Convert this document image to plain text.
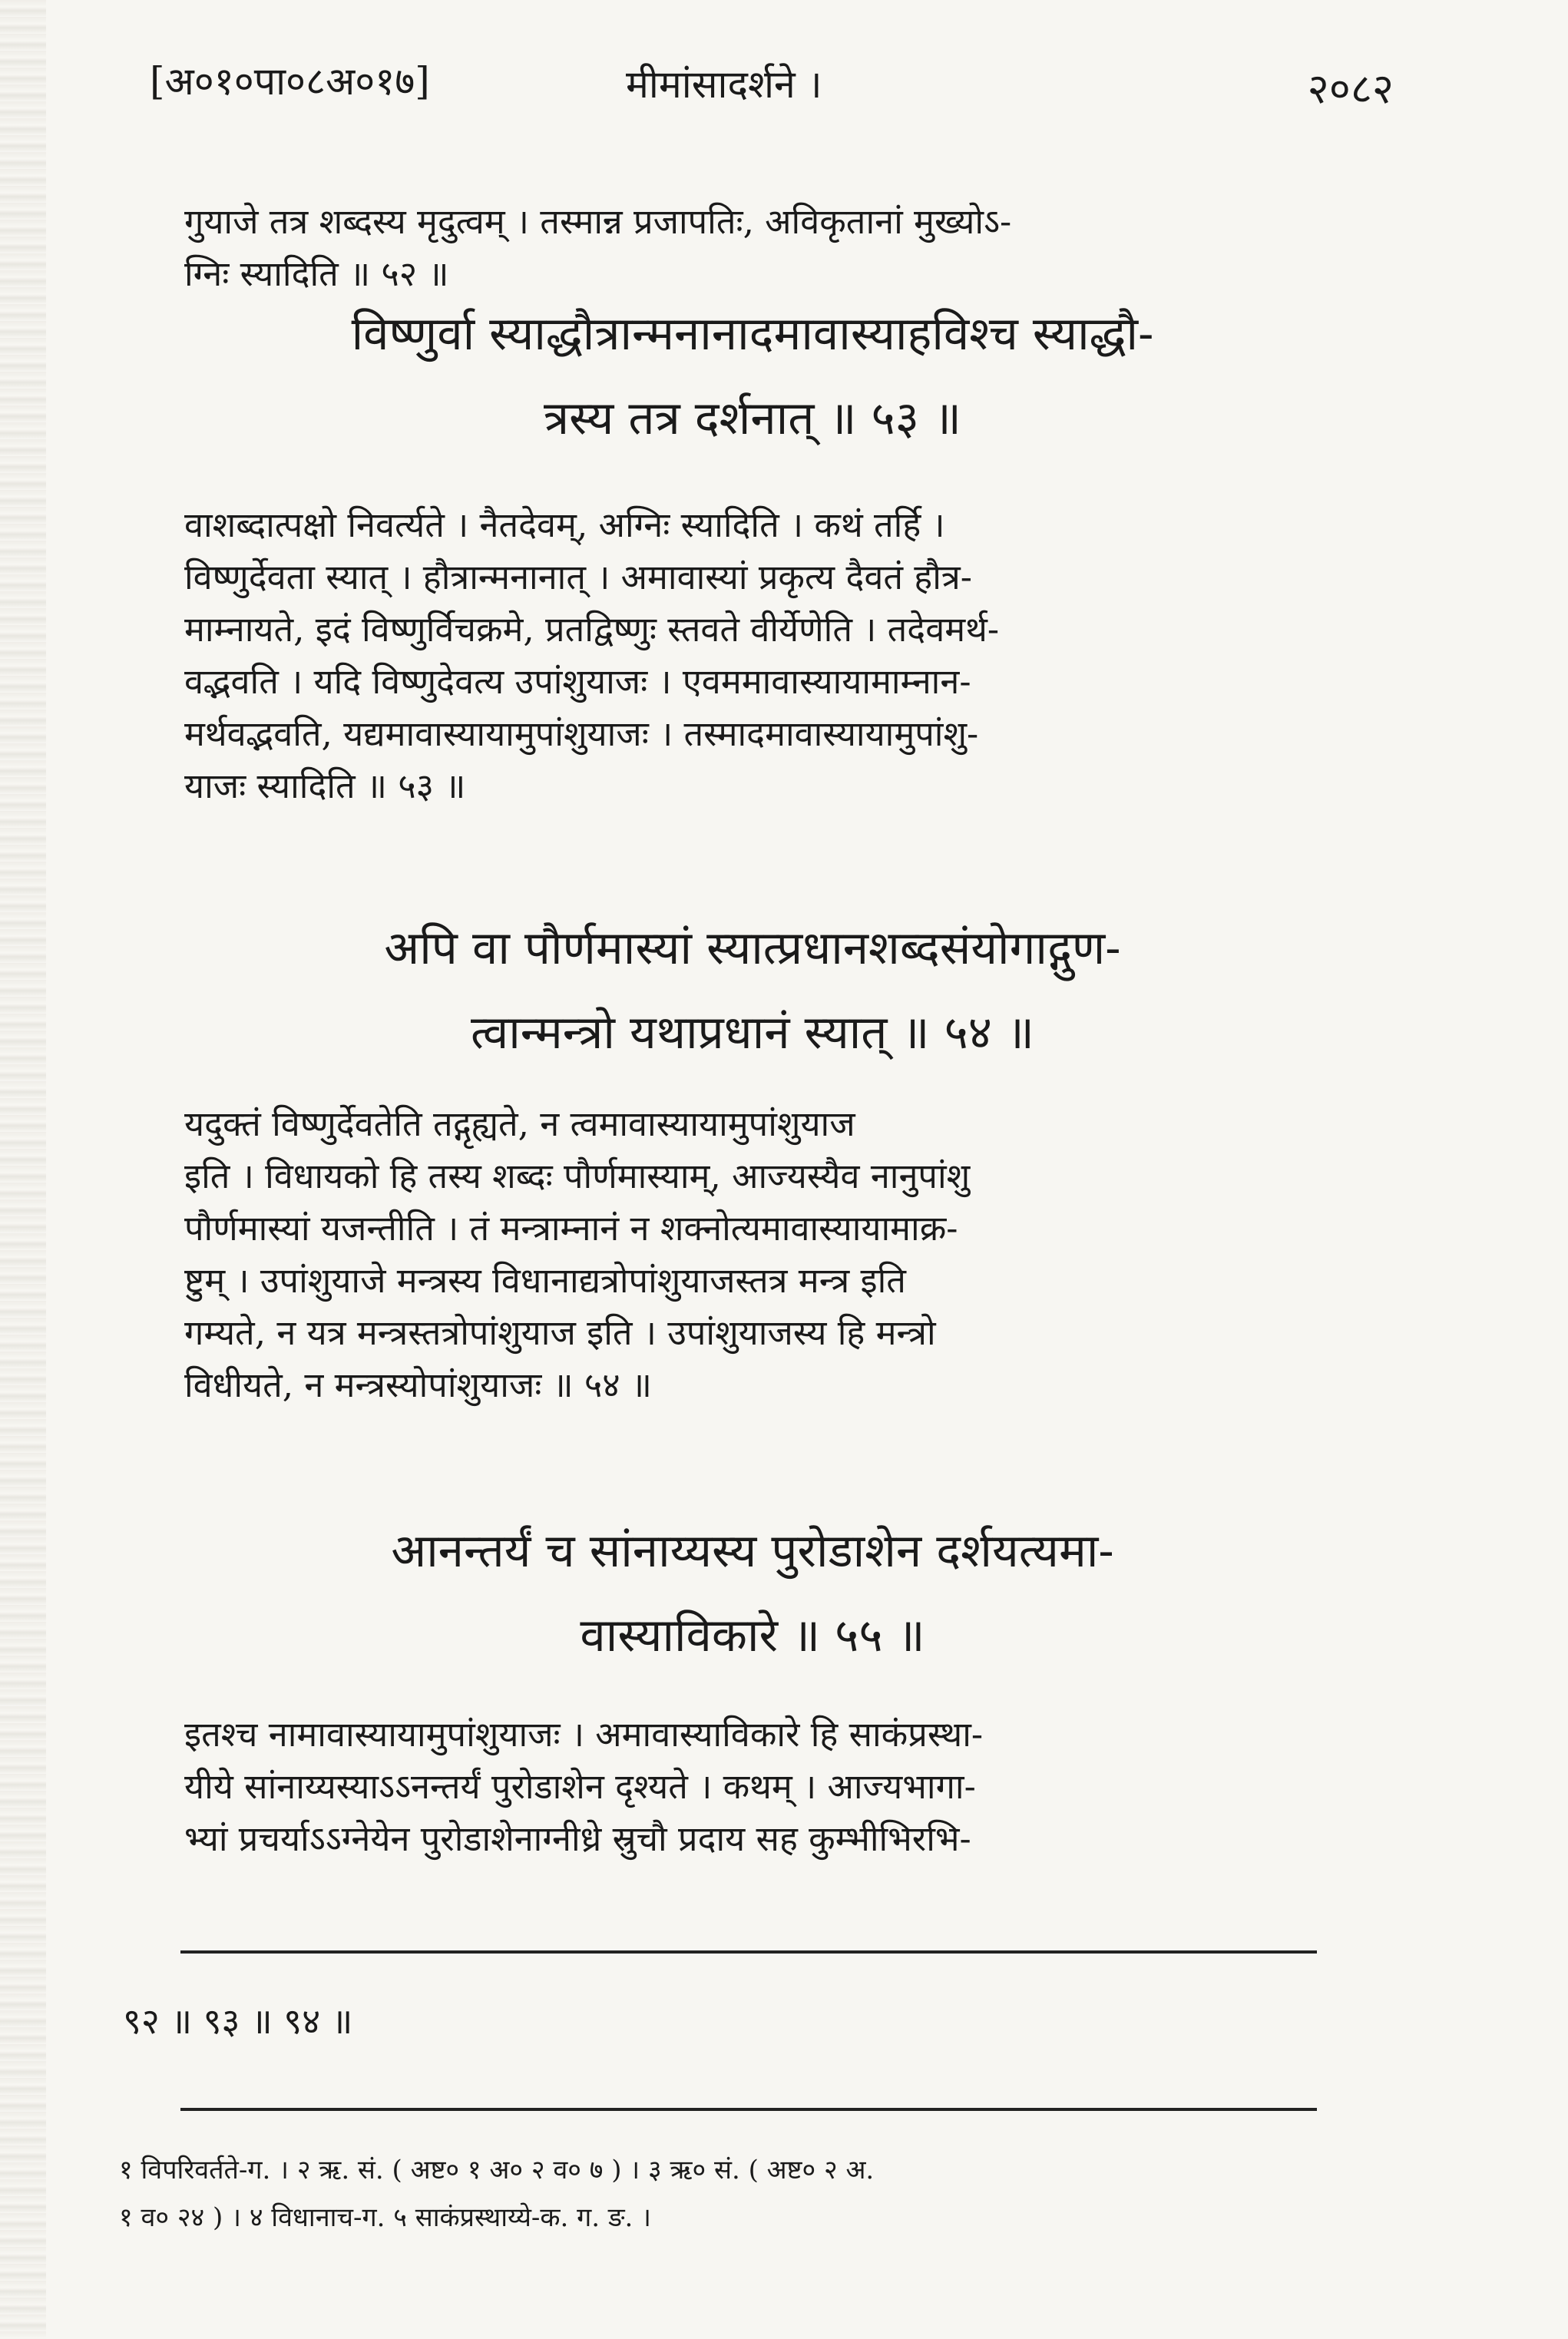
[अ०१०पा०८अ०१७]	मीमांसादर्शने ।	२०८२
गुयाजे तत्र शब्दस्य मृदुत्वम् । तस्मान्न प्रजापतिः, अविकृतानां मुख्योऽ-
ग्निः स्यादिति ॥ ५२ ॥
विष्णुर्वा स्याद्धौत्रान्मनानादमावास्याहविश्च स्याद्धौ-
त्रस्य तत्र दर्शनात् ॥ ५३ ॥
वाशब्दात्पक्षो निवर्त्यते । नैतदेवम्, अग्निः स्यादिति । कथं तर्हि ।
विष्णुर्देवता स्यात् । हौत्रान्मनानात् । अमावास्यां प्रकृत्य दैवतं हौत्र-
माम्नायते, इदं विष्णुर्विचक्रमे, प्रतद्विष्णुः स्तवते वीर्येणेति । तदेवमर्थ-
वद्भवति । यदि विष्णुदेवत्य उपांशुयाजः । एवममावास्यायामाम्नान-
मर्थवद्भवति, यद्यमावास्यायामुपांशुयाजः । तस्मादमावास्यायामुपांशु-
याजः स्यादिति ॥ ५३ ॥
अपि वा पौर्णमास्यां स्यात्प्रधानशब्दसंयोगाद्गुण-
त्वान्मन्त्रो यथाप्रधानं स्यात् ॥ ५४ ॥
यदुक्तं विष्णुर्देवतेति तद्गृह्यते, न त्वमावास्यायामुपांशुयाज
इति । विधायको हि तस्य शब्दः पौर्णमास्याम्, आज्यस्यैव नानुपांशु
पौर्णमास्यां यजन्तीति । तं मन्त्राम्नानं न शक्नोत्यमावास्यायामाक्र-
ष्टुम् । उपांशुयाजे मन्त्रस्य विधानाद्यत्रोपांशुयाजस्तत्र मन्त्र इति
गम्यते, न यत्र मन्त्रस्तत्रोपांशुयाज इति । उपांशुयाजस्य हि मन्त्रो
विधीयते, न मन्त्रस्योपांशुयाजः ॥ ५४ ॥
आनन्तर्यं च सांनाय्यस्य पुरोडाशेन दर्शयत्यमा-
वास्याविकारे ॥ ५५ ॥
इतश्च नामावास्यायामुपांशुयाजः । अमावास्याविकारे हि साकंप्रस्था-
यीये सांनाय्यस्याऽऽनन्तर्यं पुरोडाशेन दृश्यते । कथम् । आज्यभागा-
भ्यां प्रचर्याऽऽग्नेयेन पुरोडाशेनाग्नीध्रे स्रुचौ प्रदाय सह कुम्भीभिरभि-
९२ ॥ ९३ ॥ ९४ ॥
१ विपरिवर्तते-ग. । २ ऋ. सं. ( अष्ट० १ अ० २ व० ७ ) । ३ ऋ० सं. ( अष्ट० २ अ.
१ व० २४ ) । ४ विधानाच-ग. ५ साकंप्रस्थाय्ये-क. ग. ङ. ।
